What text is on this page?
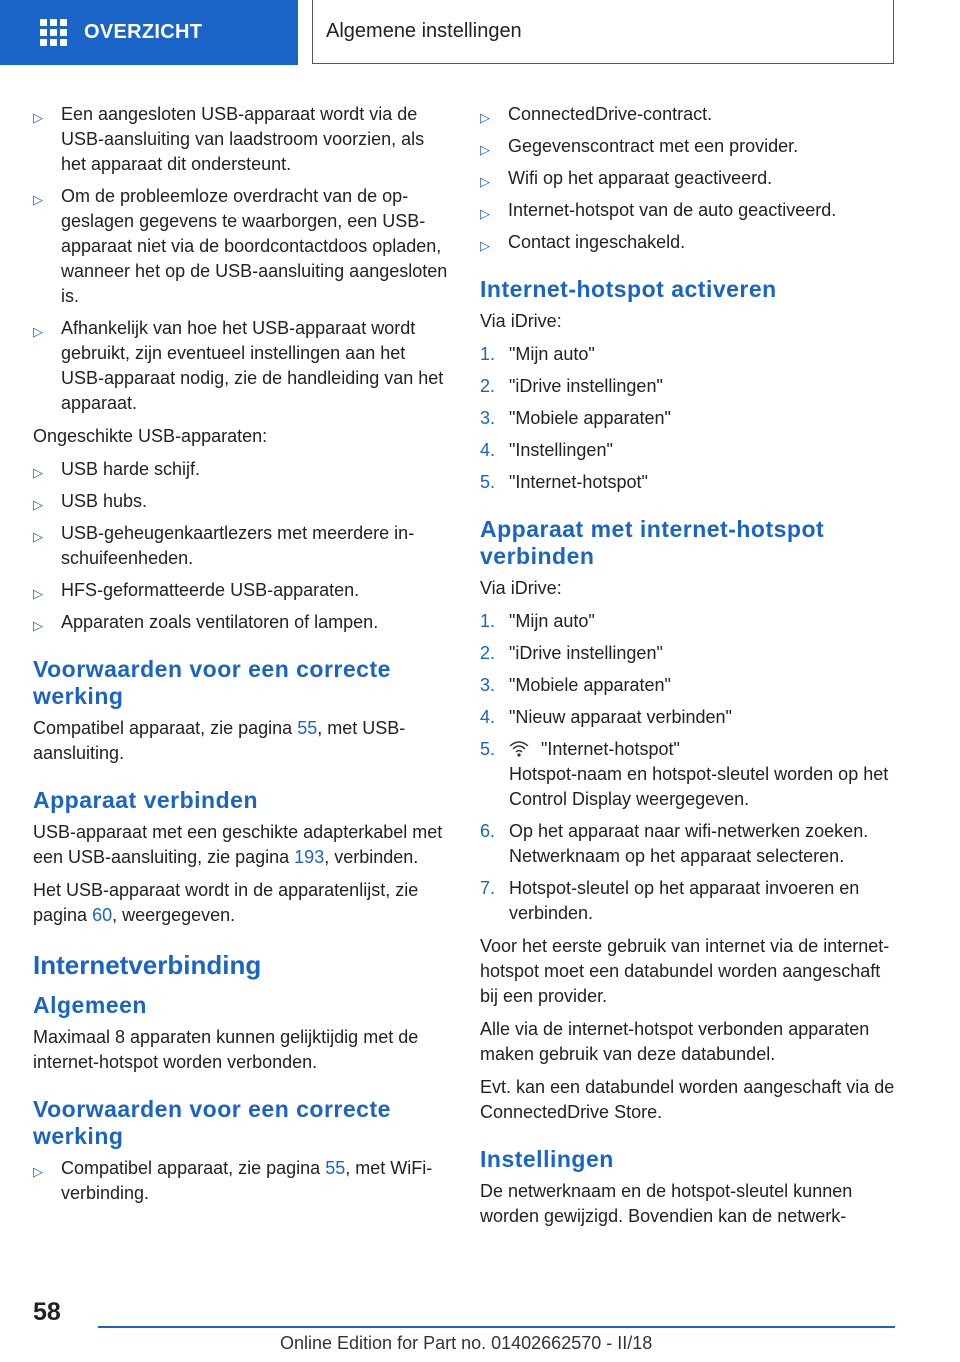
OVERZICHT	Algemene instellingen
▷ Een aangesloten USB-apparaat wordt via de USB-aansluiting van laadstroom voorzien, als het apparaat dit ondersteunt.
▷ Om de probleemloze overdracht van de opgeslagen gegevens te waarborgen, een USB-apparaat niet via de boordcontactdoos opladen, wanneer het op de USB-aansluiting aangesloten is.
▷ Afhankelijk van hoe het USB-apparaat wordt gebruikt, zijn eventueel instellingen aan het USB-apparaat nodig, zie de handleiding van het apparaat.

Ongeschikte USB-apparaten:

▷ USB harde schijf.
▷ USB hubs.
▷ USB-geheugenkaartlezers met meerdere inschuifeenheden.
▷ HFS-geformatteerde USB-apparaten.
▷ Apparaten zoals ventilatoren of lampen.
Voorwaarden voor een correcte werking

Compatibel apparaat, zie pagina 55, met USB-aansluiting.

Apparaat verbinden

USB-apparaat met een geschikte adapterkabel met een USB-aansluiting, zie pagina 193, verbinden.

Het USB-apparaat wordt in de apparatenlijst, zie pagina 60, weergegeven.

Internetverbinding
Algemeen

Maximaal 8 apparaten kunnen gelijktijdig met de internet-hotspot worden verbonden.

Voorwaarden voor een correcte werking
▷ Compatibel apparaat, zie pagina 55, met WiFi-verbinding.
▷ ConnectedDrive-contract.
▷ Gegevenscontract met een provider.
▷ Wifi op het apparaat geactiveerd.
▷ Internet-hotspot van de auto geactiveerd.
▷ Contact ingeschakeld.
Internet-hotspot activeren

Via iDrive:

1. "Mijn auto"
2. "iDrive instellingen"
3. "Mobiele apparaten"
4. "Instellingen"
5. "Internet-hotspot"
Apparaat met internet-hotspot verbinden

Via iDrive:

1. "Mijn auto"
2. "iDrive instellingen"
3. "Mobiele apparaten"
4. "Nieuw apparaat verbinden"
5.	"Internet-hotspot"
Hotspot-naam en hotspot-sleutel worden op het Control Display weergegeven.
6. Op het apparaat naar wifi-netwerken zoeken.
Netwerknaam op het apparaat selecteren.
7. Hotspot-sleutel op het apparaat invoeren en verbinden.

Voor het eerste gebruik van internet via de internet-hotspot moet een databundel worden aangeschaft bij een provider.

Alle via de internet-hotspot verbonden apparaten maken gebruik van deze databundel.

Evt. kan een databundel worden aangeschaft via de ConnectedDrive Store.

Instellingen

De netwerknaam en de hotspot-sleutel kunnen worden gewijzigd. Bovendien kan de netwerk-

58
Online Edition for Part no. 01402662570 - II/18
